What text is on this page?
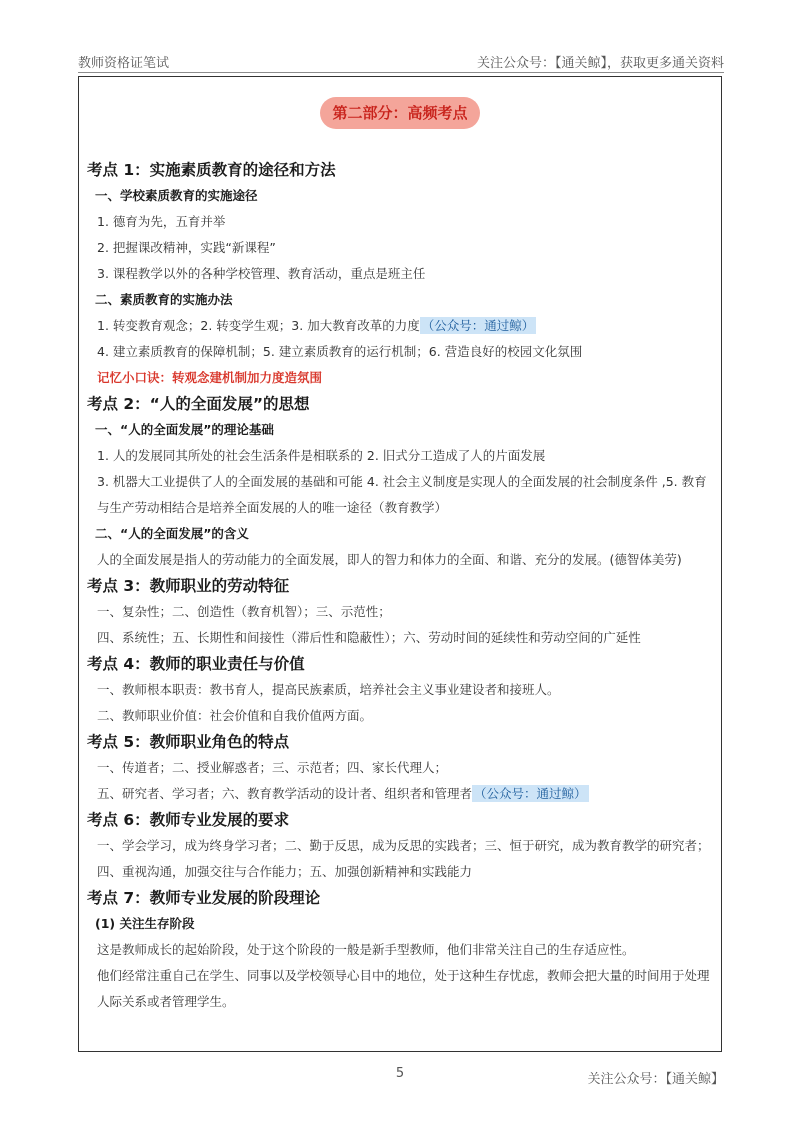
教师资格证笔试	关注公众号：【通关鲸】，获取更多通关资料
第二部分：高频考点
考点 1：实施素质教育的途径和方法
一、学校素质教育的实施途径
1. 德育为先，五育并举
2. 把握课改精神，实践“新课程”
3. 课程教学以外的各种学校管理、教育活动，重点是班主任
二、素质教育的实施办法
1. 转变教育观念；2. 转变学生观；3. 加大教育改革的力度 （公众号：通过鲸）
4. 建立素质教育的保障机制；5. 建立素质教育的运行机制；6. 营造良好的校园文化氛围
记忆小口诀：转观念建机制加力度造氛围
考点 2：“人的全面发展”的思想
一、“人的全面发展”的理论基础
1. 人的发展同其所处的社会生活条件是相联系的 2. 旧式分工造成了人的片面发展
3. 机器大工业提供了人的全面发展的基础和可能 4. 社会主义制度是实现人的全面发展的社会制度条件 ,5. 教育与生产劳动相结合是培养全面发展的人的唯一途径（教育教学）
二、“人的全面发展”的含义
人的全面发展是指人的劳动能力的全面发展，即人的智力和体力的全面、和谐、充分的发展。(德智体美劳)
考点 3：教师职业的劳动特征
一、复杂性；二、创造性（教育机智）；三、示范性；
四、系统性；五、长期性和间接性（滞后性和隐蔽性）；六、劳动时间的延续性和劳动空间的广延性
考点 4：教师的职业责任与价值
一、教师根本职责：教书育人，提高民族素质，培养社会主义事业建设者和接班人。
二、教师职业价值：社会价值和自我价值两方面。
考点 5：教师职业角色的特点
一、传道者；二、授业解惑者；三、示范者；四、家长代理人；
五、研究者、学习者；六、教育教学活动的设计者、组织者和管理者 （公众号：通过鲸）
考点 6：教师专业发展的要求
一、学会学习，成为终身学习者；二、勤于反思，成为反思的实践者；三、恒于研究，成为教育教学的研究者；
四、重视沟通，加强交往与合作能力；五、加强创新精神和实践能力
考点 7：教师专业发展的阶段理论
(1) 关注生存阶段
这是教师成长的起始阶段，处于这个阶段的一般是新手型教师，他们非常关注自己的生存适应性。
他们经常注重自己在学生、同事以及学校领导心目中的地位，处于这种生存忧虑，教师会把大量的时间用于处理人际关系或者管理学生。
5	关注公众号：【通关鲸】
